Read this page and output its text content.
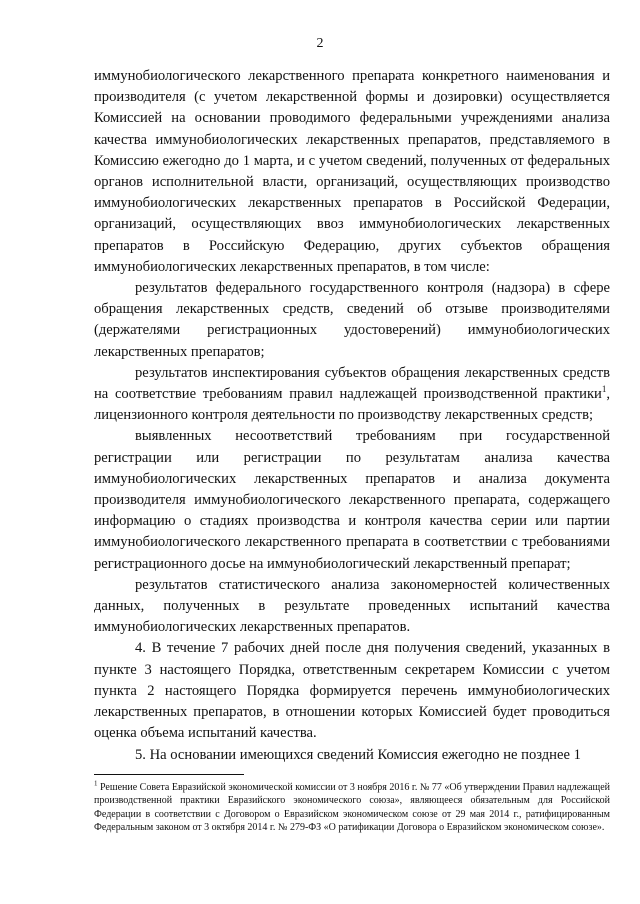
2

иммунобиологического лекарственного препарата конкретного наименования и производителя (с учетом лекарственной формы и дозировки) осуществляется Комиссией на основании проводимого федеральными учреждениями анализа качества иммунобиологических лекарственных препаратов, представляемого в Комиссию ежегодно до 1 марта, и с учетом сведений, полученных от федеральных органов исполнительной власти, организаций, осуществляющих производство иммунобиологических лекарственных препаратов в Российской Федерации, организаций, осуществляющих ввоз иммунобиологических лекарственных препаратов в Российскую Федерацию, других субъектов обращения иммунобиологических лекарственных препаратов, в том числе:

результатов федерального государственного контроля (надзора) в сфере обращения лекарственных средств, сведений об отзыве производителями (держателями регистрационных удостоверений) иммунобиологических лекарственных препаратов;

результатов инспектирования субъектов обращения лекарственных средств на соответствие требованиям правил надлежащей производственной практики$^1$, лицензионного контроля деятельности по производству лекарственных средств;

выявленных несоответствий требованиям при государственной регистрации или регистрации по результатам анализа качества иммунобиологических лекарственных препаратов и анализа документа производителя иммунобиологического лекарственного препарата, содержащего информацию о стадиях производства и контроля качества серии или партии иммунобиологического лекарственного препарата в соответствии с требованиями регистрационного досье на иммунобиологический лекарственный препарат;

результатов статистического анализа закономерностей количественных данных, полученных в результате проведенных испытаний качества иммунобиологических лекарственных препаратов.

4. В течение 7 рабочих дней после дня получения сведений, указанных в пункте 3 настоящего Порядка, ответственным секретарем Комиссии с учетом пункта 2 настоящего Порядка формируется перечень иммунобиологических лекарственных препаратов, в отношении которых Комиссией будет проводиться оценка объема испытаний качества.

5. На основании имеющихся сведений Комиссия ежегодно не позднее 1

$^1$ Решение Совета Евразийской экономической комиссии от 3 ноября 2016 г. № 77 «Об утверждении Правил надлежащей производственной практики Евразийского экономического союза», являющееся обязательным для Российской Федерации в соответствии с Договором о Евразийском экономическом союзе от 29 мая 2014 г., ратифицированным Федеральным законом от 3 октября 2014 г. № 279-ФЗ «О ратификации Договора о Евразийском экономическом союзе».
